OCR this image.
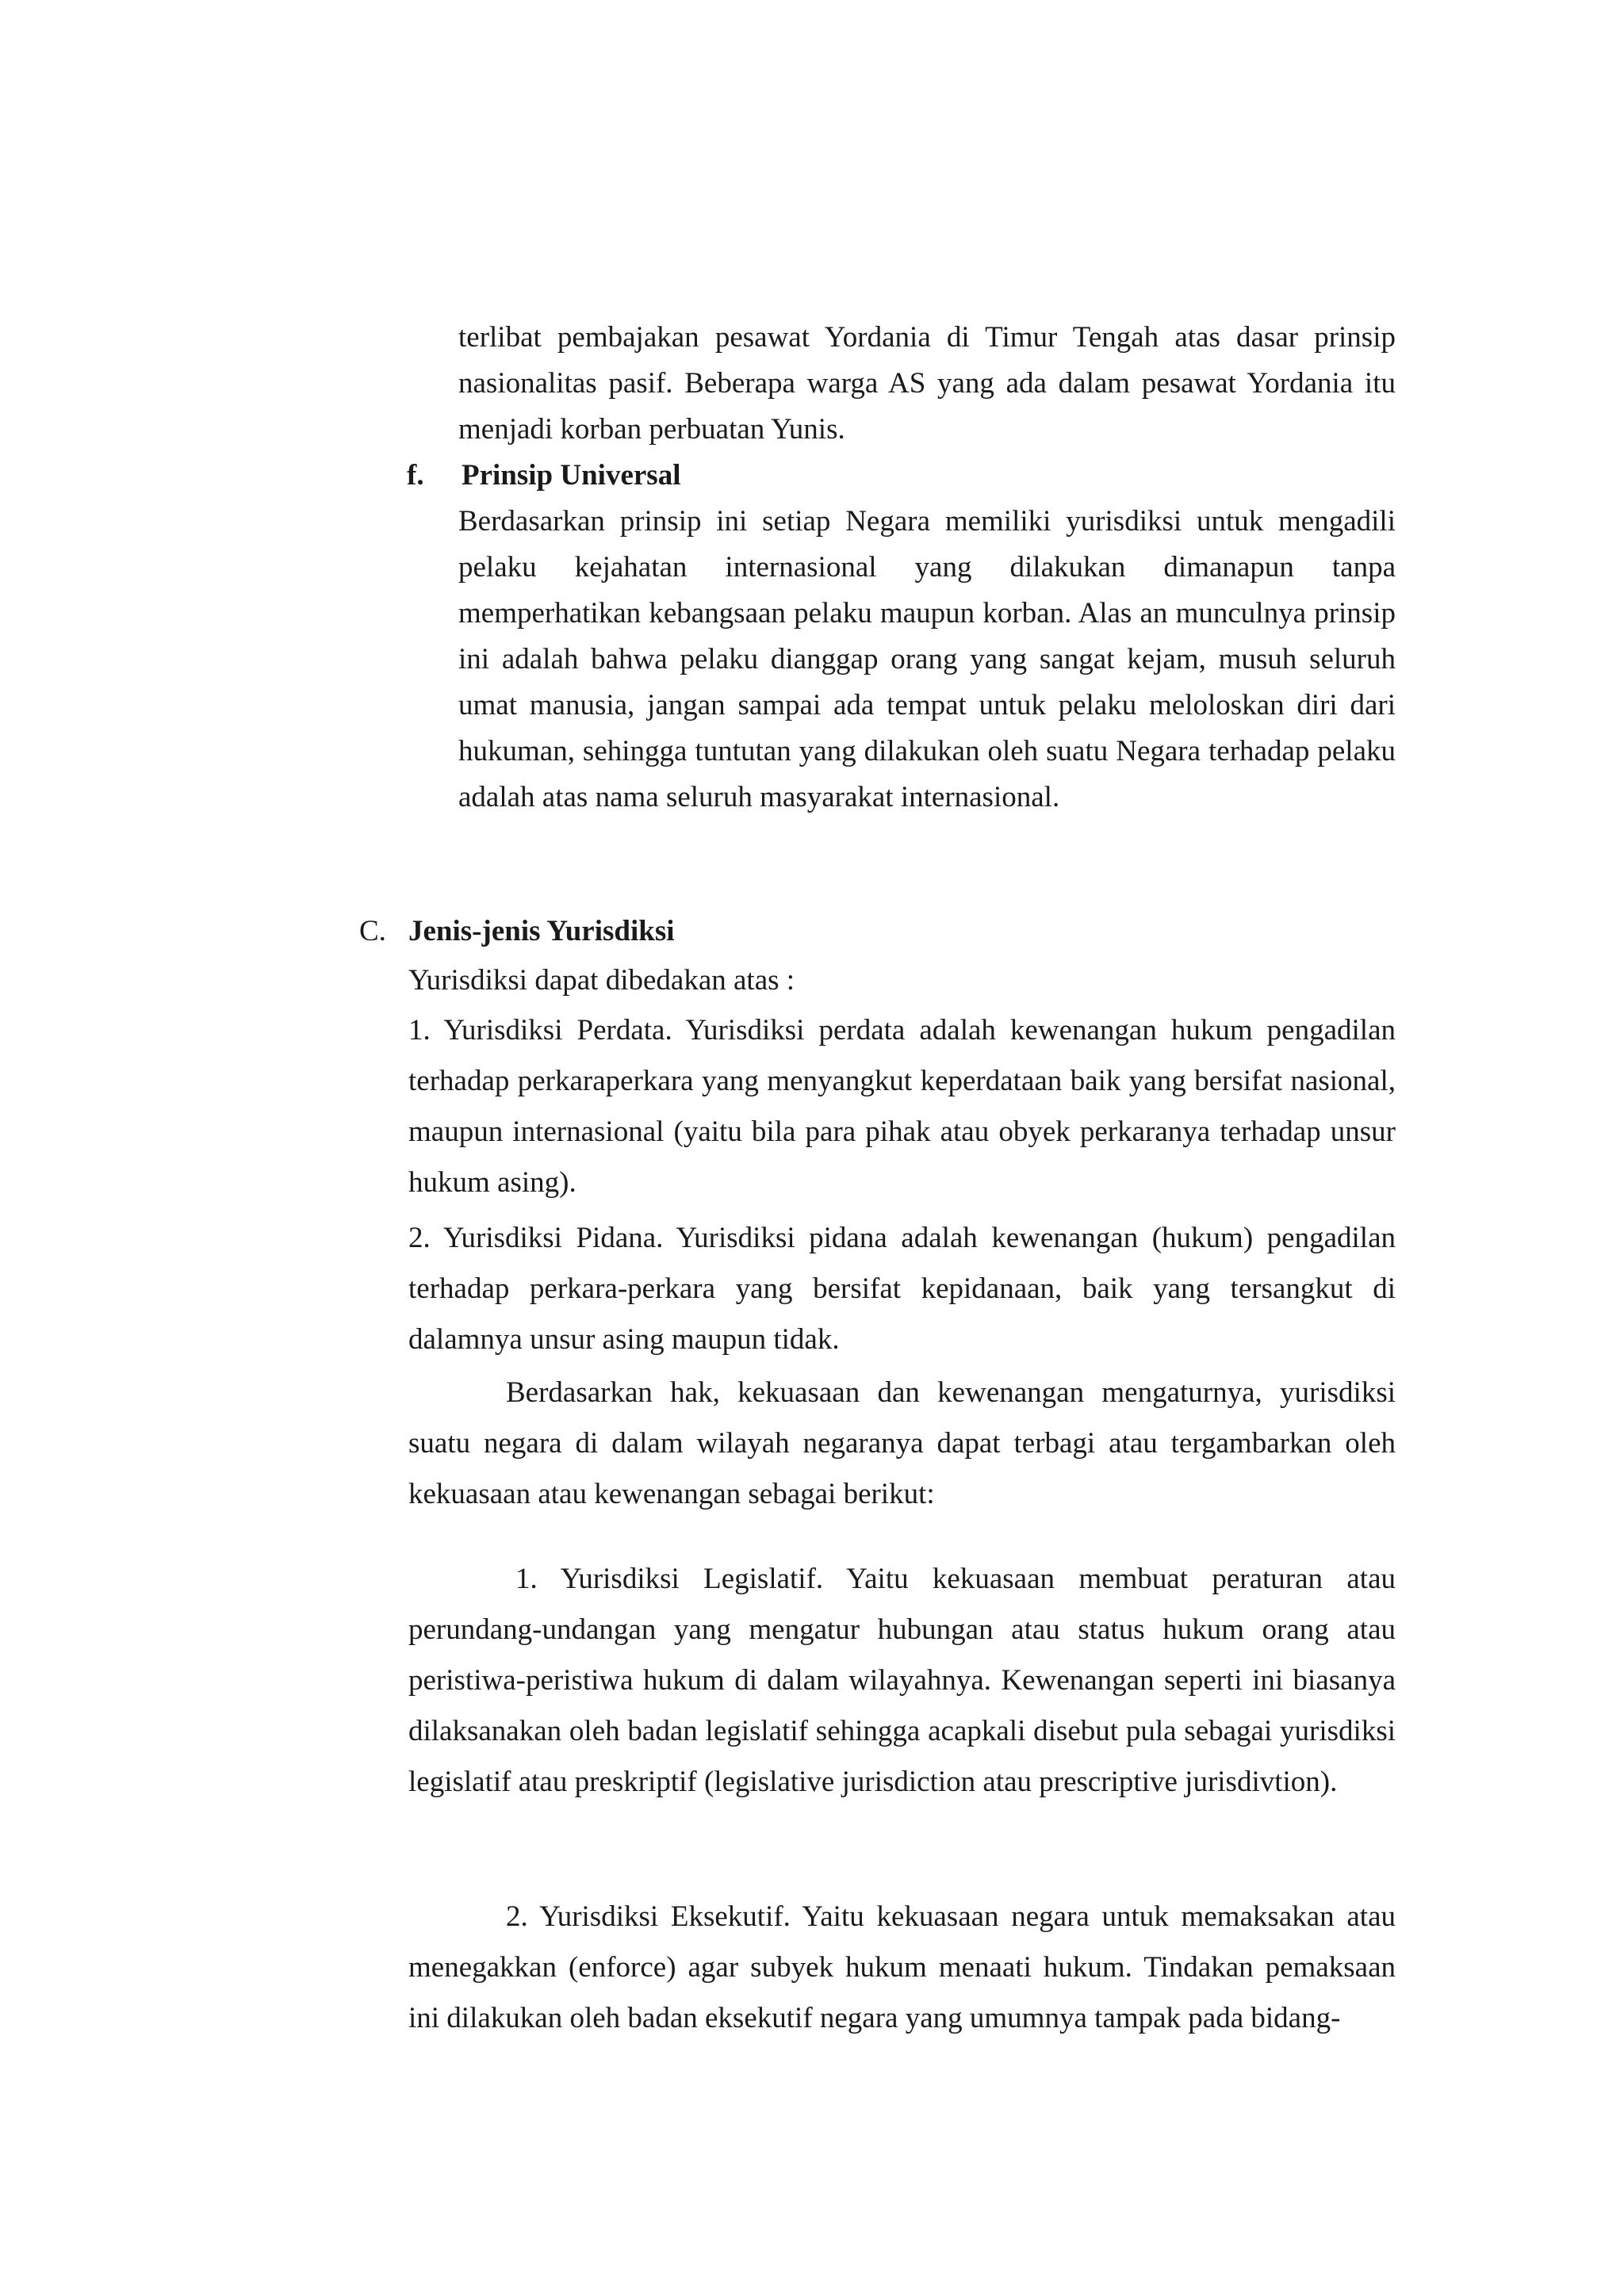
terlibat pembajakan pesawat Yordania di Timur Tengah atas dasar prinsip nasionalitas pasif. Beberapa warga AS yang ada dalam pesawat Yordania itu menjadi korban perbuatan Yunis.

f. Prinsip Universal

Berdasarkan prinsip ini setiap Negara memiliki yurisdiksi untuk mengadili pelaku kejahatan internasional yang dilakukan dimanapun tanpa memperhatikan kebangsaan pelaku maupun korban. Alas an munculnya prinsip ini adalah bahwa pelaku dianggap orang yang sangat kejam, musuh seluruh umat manusia, jangan sampai ada tempat untuk pelaku meloloskan diri dari hukuman, sehingga tuntutan yang dilakukan oleh suatu Negara terhadap pelaku adalah atas nama seluruh masyarakat internasional.

C. Jenis-jenis Yurisdiksi

Yurisdiksi dapat dibedakan atas :

1. Yurisdiksi Perdata. Yurisdiksi perdata adalah kewenangan hukum pengadilan terhadap perkaraperkara yang menyangkut keperdataan baik yang bersifat nasional, maupun internasional (yaitu bila para pihak atau obyek perkaranya terhadap unsur hukum asing).

2. Yurisdiksi Pidana. Yurisdiksi pidana adalah kewenangan (hukum) pengadilan terhadap perkara-perkara yang bersifat kepidanaan, baik yang tersangkut di dalamnya unsur asing maupun tidak.

Berdasarkan hak, kekuasaan dan kewenangan mengaturnya, yurisdiksi suatu negara di dalam wilayah negaranya dapat terbagi atau tergambarkan oleh kekuasaan atau kewenangan sebagai berikut:

1. Yurisdiksi Legislatif. Yaitu kekuasaan membuat peraturan atau perundang-undangan yang mengatur hubungan atau status hukum orang atau peristiwa-peristiwa hukum di dalam wilayahnya. Kewenangan seperti ini biasanya dilaksanakan oleh badan legislatif sehingga acapkali disebut pula sebagai yurisdiksi legislatif atau preskriptif (legislative jurisdiction atau prescriptive jurisdivtion).

2. Yurisdiksi Eksekutif. Yaitu kekuasaan negara untuk memaksakan atau menegakkan (enforce) agar subyek hukum menaati hukum. Tindakan pemaksaan ini dilakukan oleh badan eksekutif negara yang umumnya tampak pada bidang-
